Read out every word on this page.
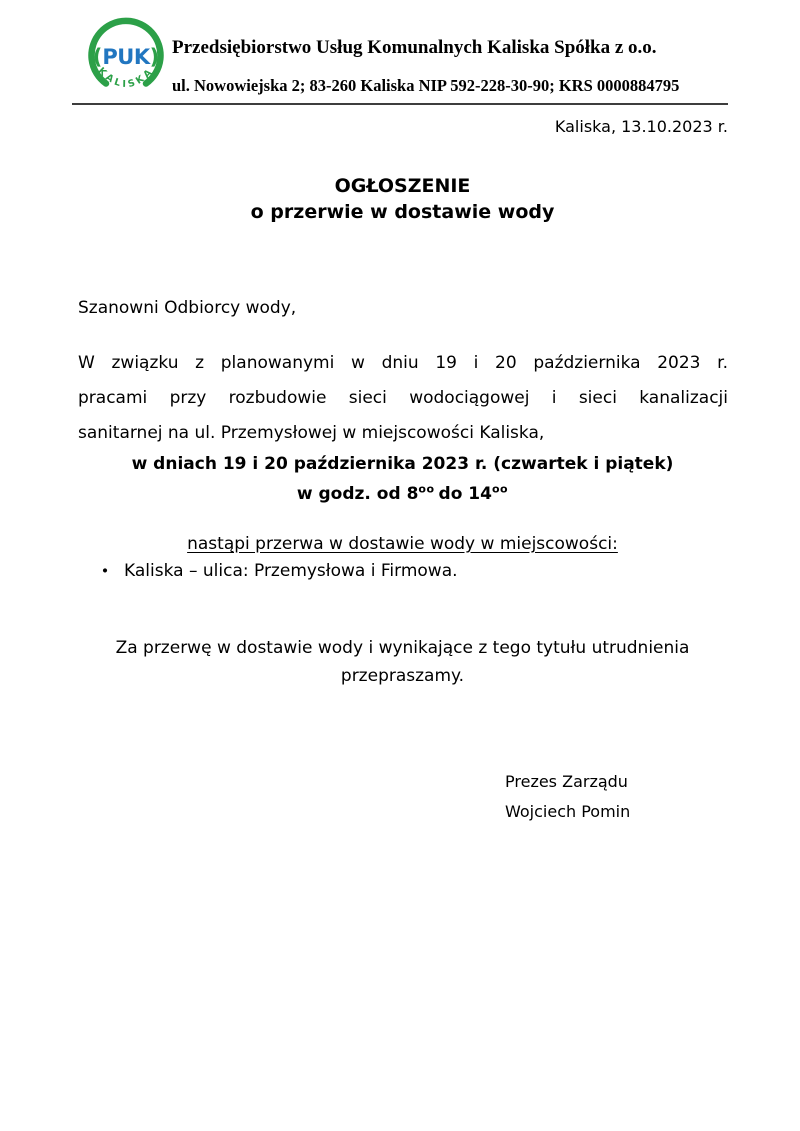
(PUK)
KALISKA
Przedsiębiorstwo Usług Komunalnych Kaliska Spółka z o.o.
ul. Nowowiejska 2; 83-260 Kaliska NIP 592-228-30-90; KRS 0000884795
Kaliska, 13.10.2023 r.
OGŁOSZENIE
o przerwie w dostawie wody
Szanowni Odbiorcy wody,
W związku z planowanymi w dniu 19 i 20 października 2023 r.
pracami przy rozbudowie sieci wodociągowej i sieci kanalizacji
sanitarnej na ul. Przemysłowej w miejscowości Kaliska,
w dniach 19 i 20 października 2023 r. (czwartek i piątek)
w godz. od $8^{oo}$ do $14^{oo}$
nastąpi przerwa w dostawie wody w miejscowości:
• Kaliska – ulica: Przemysłowa i Firmowa.
Za przerwę w dostawie wody i wynikające z tego tytułu utrudnienia
przepraszamy.
Prezes Zarządu
Wojciech Pomin
